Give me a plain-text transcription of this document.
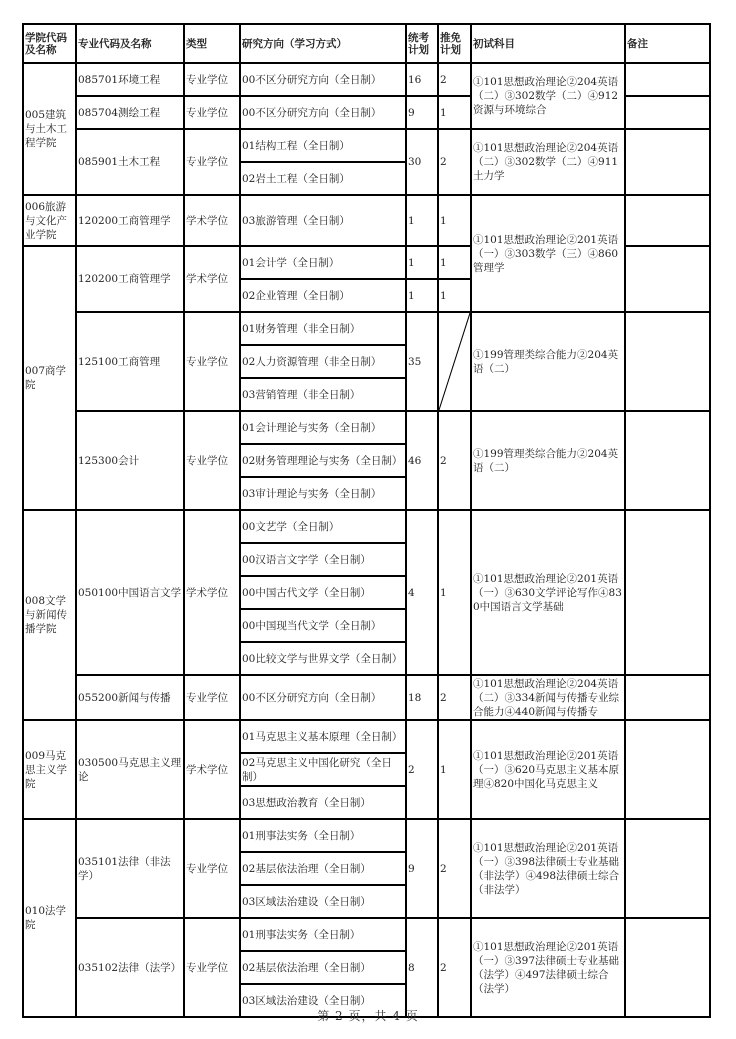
学院代码及名称	专业代码及名称	类型	研究方向（学习方式）	统考计划	推免计划	初试科目	备注
005建筑与土木工程学院	085701环境工程	专业学位	00不区分研究方向（全日制）	16	2	①101思想政治理论②204英语（二）③302数学（二）④912资源与环境综合	

	085704测绘工程	专业学位	00不区分研究方向（全日制）	9	1		
	085901土木工程	专业学位	01结构工程（全日制）	30	2	①101思想政治理论②204英语（二）③302数学（二）④911土力学	

			02岩土工程（全日制）				
006旅游与文化产业学院	120200工商管理学	学术学位	03旅游管理（全日制）	1	1	①101思想政治理论②201英语（一）③303数学（三）④860管理学	

007商学院	120200工商管理学	学术学位	01会计学（全日制）	1	1		
			02企业管理（全日制）	1	1		
	125100工商管理	专业学位	01财务管理（非全日制）	35		①199管理类综合能力②204英语（二）	

			02人力资源管理（非全日制）				
			03营销管理（非全日制）				
	125300会计	专业学位	01会计理论与实务（全日制）	46	2	①199管理类综合能力②204英语（二）	

			02财务管理理论与实务（全日制）				
			03审计理论与实务（全日制）				
008文学与新闻传播学院	050100中国语言文学	学术学位	00文艺学（全日制）	4	1	①101思想政治理论②201英语（一）③630文学评论写作④830中国语言文学基础	

			00汉语言文字学（全日制）				
			00中国古代文学（全日制）				
			00中国现当代文学（全日制）				
			00比较文学与世界文学（全日制）				
	055200新闻与传播	专业学位	00不区分研究方向（全日制）	18	2	①101思想政治理论②204英语（二）③334新闻与传播专业综合能力④440新闻与传播专	

009马克思主义学院	030500马克思主义理论	学术学位	01马克思主义基本原理（全日制）	2	1	①101思想政治理论②201英语（一）③620马克思主义基本原理④820中国化马克思主义	

			02马克思主义中国化研究（全日制）				
			03思想政治教育（全日制）				
010法学院	035101法律（非法学）	专业学位	01刑事法实务（全日制）	9	2	①101思想政治理论②201英语（一）③398法律硕士专业基础（非法学）④498法律硕士综合（非法学）	

			02基层依法治理（全日制）				
			03区域法治建设（全日制）				
	035102法律（法学）	专业学位	01刑事法实务（全日制）	8	2	①101思想政治理论②201英语（一）③397法律硕士专业基础（法学）④497法律硕士综合（法学）	

			02基层依法治理（全日制）				
			03区域法治建设（全日制）				
第 2 页，共 4 页
